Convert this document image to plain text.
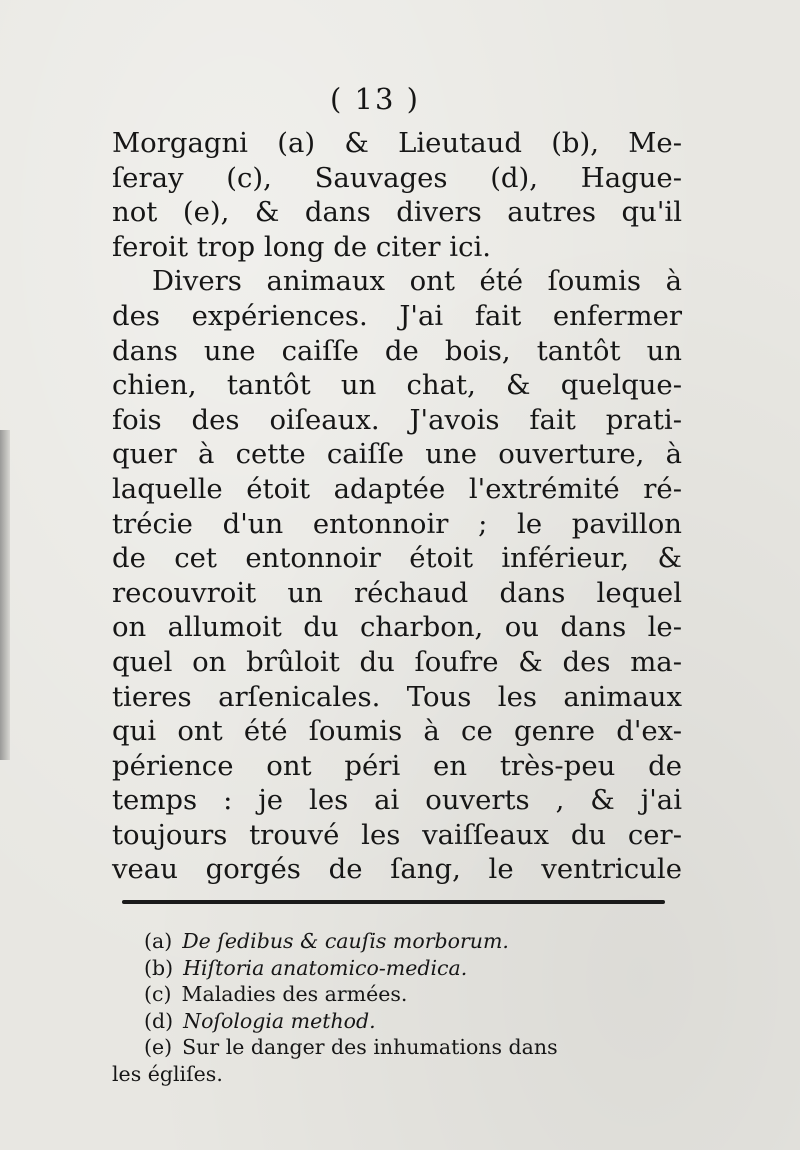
( 13 )
Morgagni (a) & Lieutaud (b), Me-
ſeray (c), Sauvages (d), Hague-
not (e), & dans divers autres qu'il
feroit trop long de citer ici.
Divers animaux ont été ſoumis à
des expériences. J'ai fait enfermer
dans une caiſſe de bois, tantôt un
chien, tantôt un chat, & quelque-
fois des oiſeaux. J'avois fait prati-
quer à cette caiſſe une ouverture, à
laquelle étoit adaptée l'extrémité ré-
trécie d'un entonnoir ; le pavillon
de cet entonnoir étoit inférieur, &
recouvroit un réchaud dans lequel
on allumoit du charbon, ou dans le-
quel on brûloit du ſoufre & des ma-
tieres arſenicales. Tous les animaux
qui ont été ſoumis à ce genre d'ex-
périence ont péri en très-peu de
temps : je les ai ouverts , & j'ai
toujours trouvé les vaiſſeaux du cer-
veau gorgés de ſang, le ventricule
(a) De ſedibus & cauſis morborum.
(b) Hiſtoria anatomico-medica.
(c) Maladies des armées.
(d) Noſologia method.
(e) Sur le danger des inhumations dans
les égliſes.
